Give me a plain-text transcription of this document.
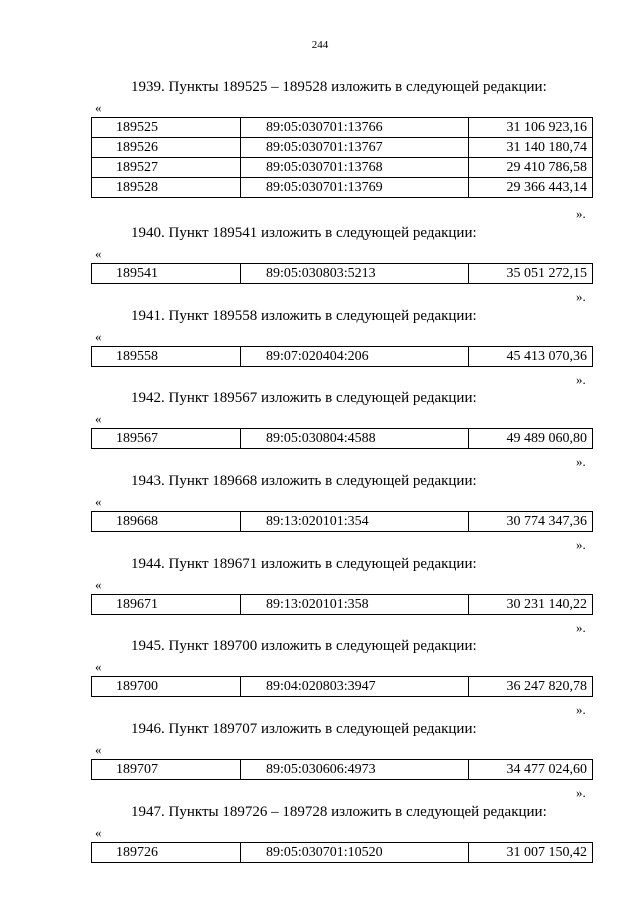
244
1939. Пункты 189525 – 189528 изложить в следующей редакции:
«
189525	89:05:030701:13766	31 106 923,16
189526	89:05:030701:13767	31 140 180,74
189527	89:05:030701:13768	29 410 786,58
189528	89:05:030701:13769	29 366 443,14
».
1940. Пункт 189541 изложить в следующей редакции:
«
189541	89:05:030803:5213	35 051 272,15
».
1941. Пункт 189558 изложить в следующей редакции:
«
189558	89:07:020404:206	45 413 070,36
».
1942. Пункт 189567 изложить в следующей редакции:
«
189567	89:05:030804:4588	49 489 060,80
».
1943. Пункт 189668 изложить в следующей редакции:
«
189668	89:13:020101:354	30 774 347,36
».
1944. Пункт 189671 изложить в следующей редакции:
«
189671	89:13:020101:358	30 231 140,22
».
1945. Пункт 189700 изложить в следующей редакции:
«
189700	89:04:020803:3947	36 247 820,78
».
1946. Пункт 189707 изложить в следующей редакции:
«
189707	89:05:030606:4973	34 477 024,60
».
1947. Пункты 189726 – 189728 изложить в следующей редакции:
«
189726	89:05:030701:10520	31 007 150,42
